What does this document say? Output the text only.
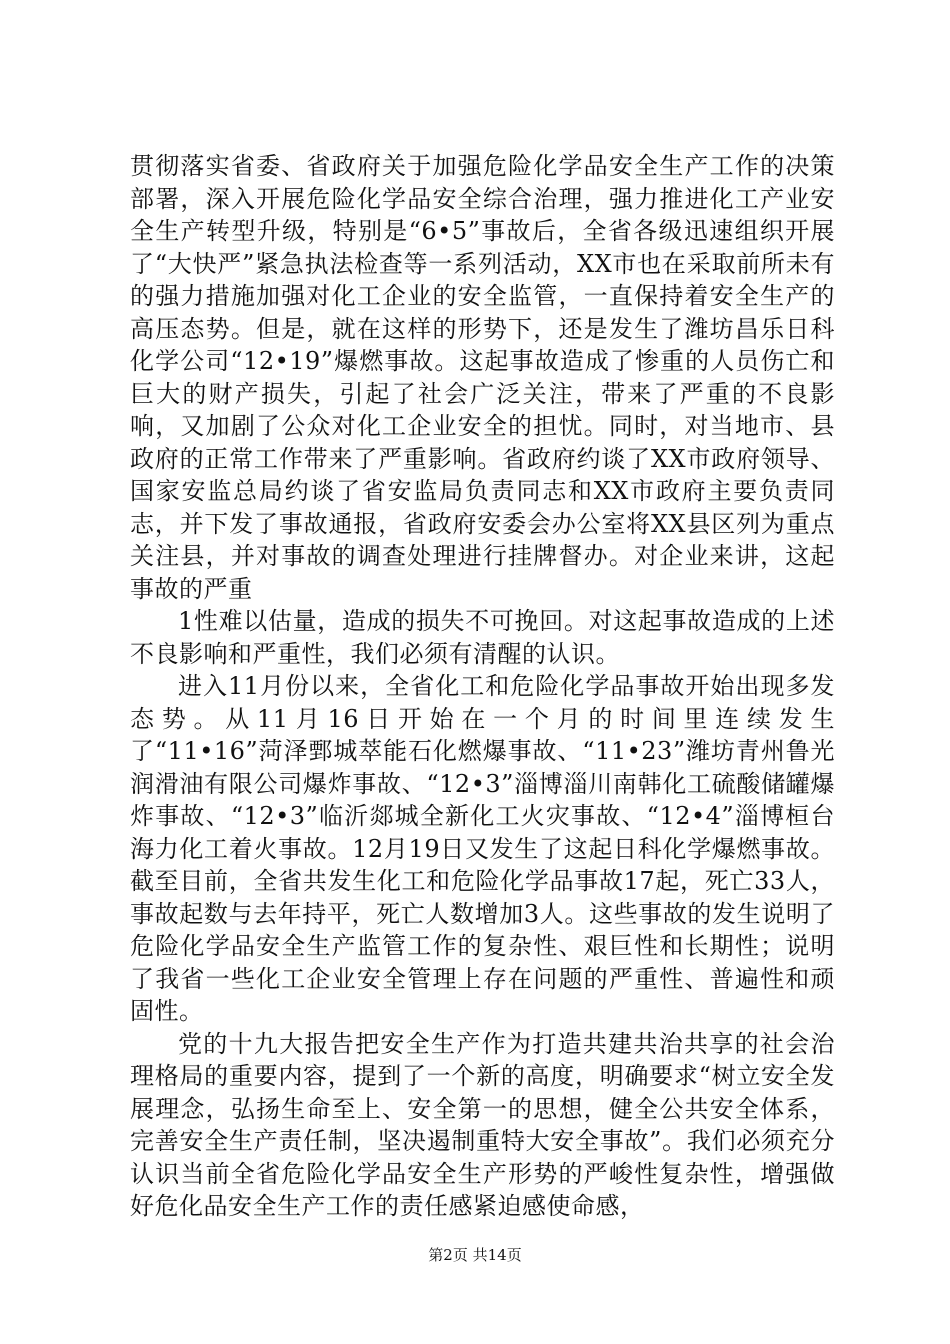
贯彻落实省委、省政府关于加强危险化学品安全生产工作的决策部署，深入开展危险化学品安全综合治理，强力推进化工产业安全生产转型升级，特别是“6•5”事故后，全省各级迅速组织开展了“大快严”紧急执法检查等一系列活动，XX市也在采取前所未有的强力措施加强对化工企业的安全监管，一直保持着安全生产的高压态势。但是，就在这样的形势下，还是发生了潍坊昌乐日科化学公司“12•19”爆燃事故。这起事故造成了惨重的人员伤亡和巨大的财产损失，引起了社会广泛关注，带来了严重的不良影响，又加剧了公众对化工企业安全的担忧。同时，对当地市、县政府的正常工作带来了严重影响。省政府约谈了XX市政府领导、国家安监总局约谈了省安监局负责同志和XX市政府主要负责同志，并下发了事故通报，省政府安委会办公室将XX县区列为重点关注县，并对事故的调查处理进行挂牌督办。对企业来讲，这起事故的严重

1性难以估量，造成的损失不可挽回。对这起事故造成的上述不良影响和严重性，我们必须有清醒的认识。

进入11月份以来，全省化工和危险化学品事故开始出现多发态势。从11月16日开始在一个月的时间里连续发生了“11•16”菏泽鄄城萃能石化燃爆事故、“11•23”潍坊青州鲁光润滑油有限公司爆炸事故、“12•3”淄博淄川南韩化工硫酸储罐爆炸事故、“12•3”临沂郯城全新化工火灾事故、“12•4”淄博桓台海力化工着火事故。12月19日又发生了这起日科化学爆燃事故。截至目前，全省共发生化工和危险化学品事故17起，死亡33人，事故起数与去年持平，死亡人数增加3人。这些事故的发生说明了危险化学品安全生产监管工作的复杂性、艰巨性和长期性；说明了我省一些化工企业安全管理上存在问题的严重性、普遍性和顽固性。

党的十九大报告把安全生产作为打造共建共治共享的社会治理格局的重要内容，提到了一个新的高度，明确要求“树立安全发展理念，弘扬生命至上、安全第一的思想，健全公共安全体系，完善安全生产责任制，坚决遏制重特大安全事故”。我们必须充分认识当前全省危险化学品安全生产形势的严峻性复杂性，增强做好危化品安全生产工作的责任感紧迫感使命感，

第2页 共14页
